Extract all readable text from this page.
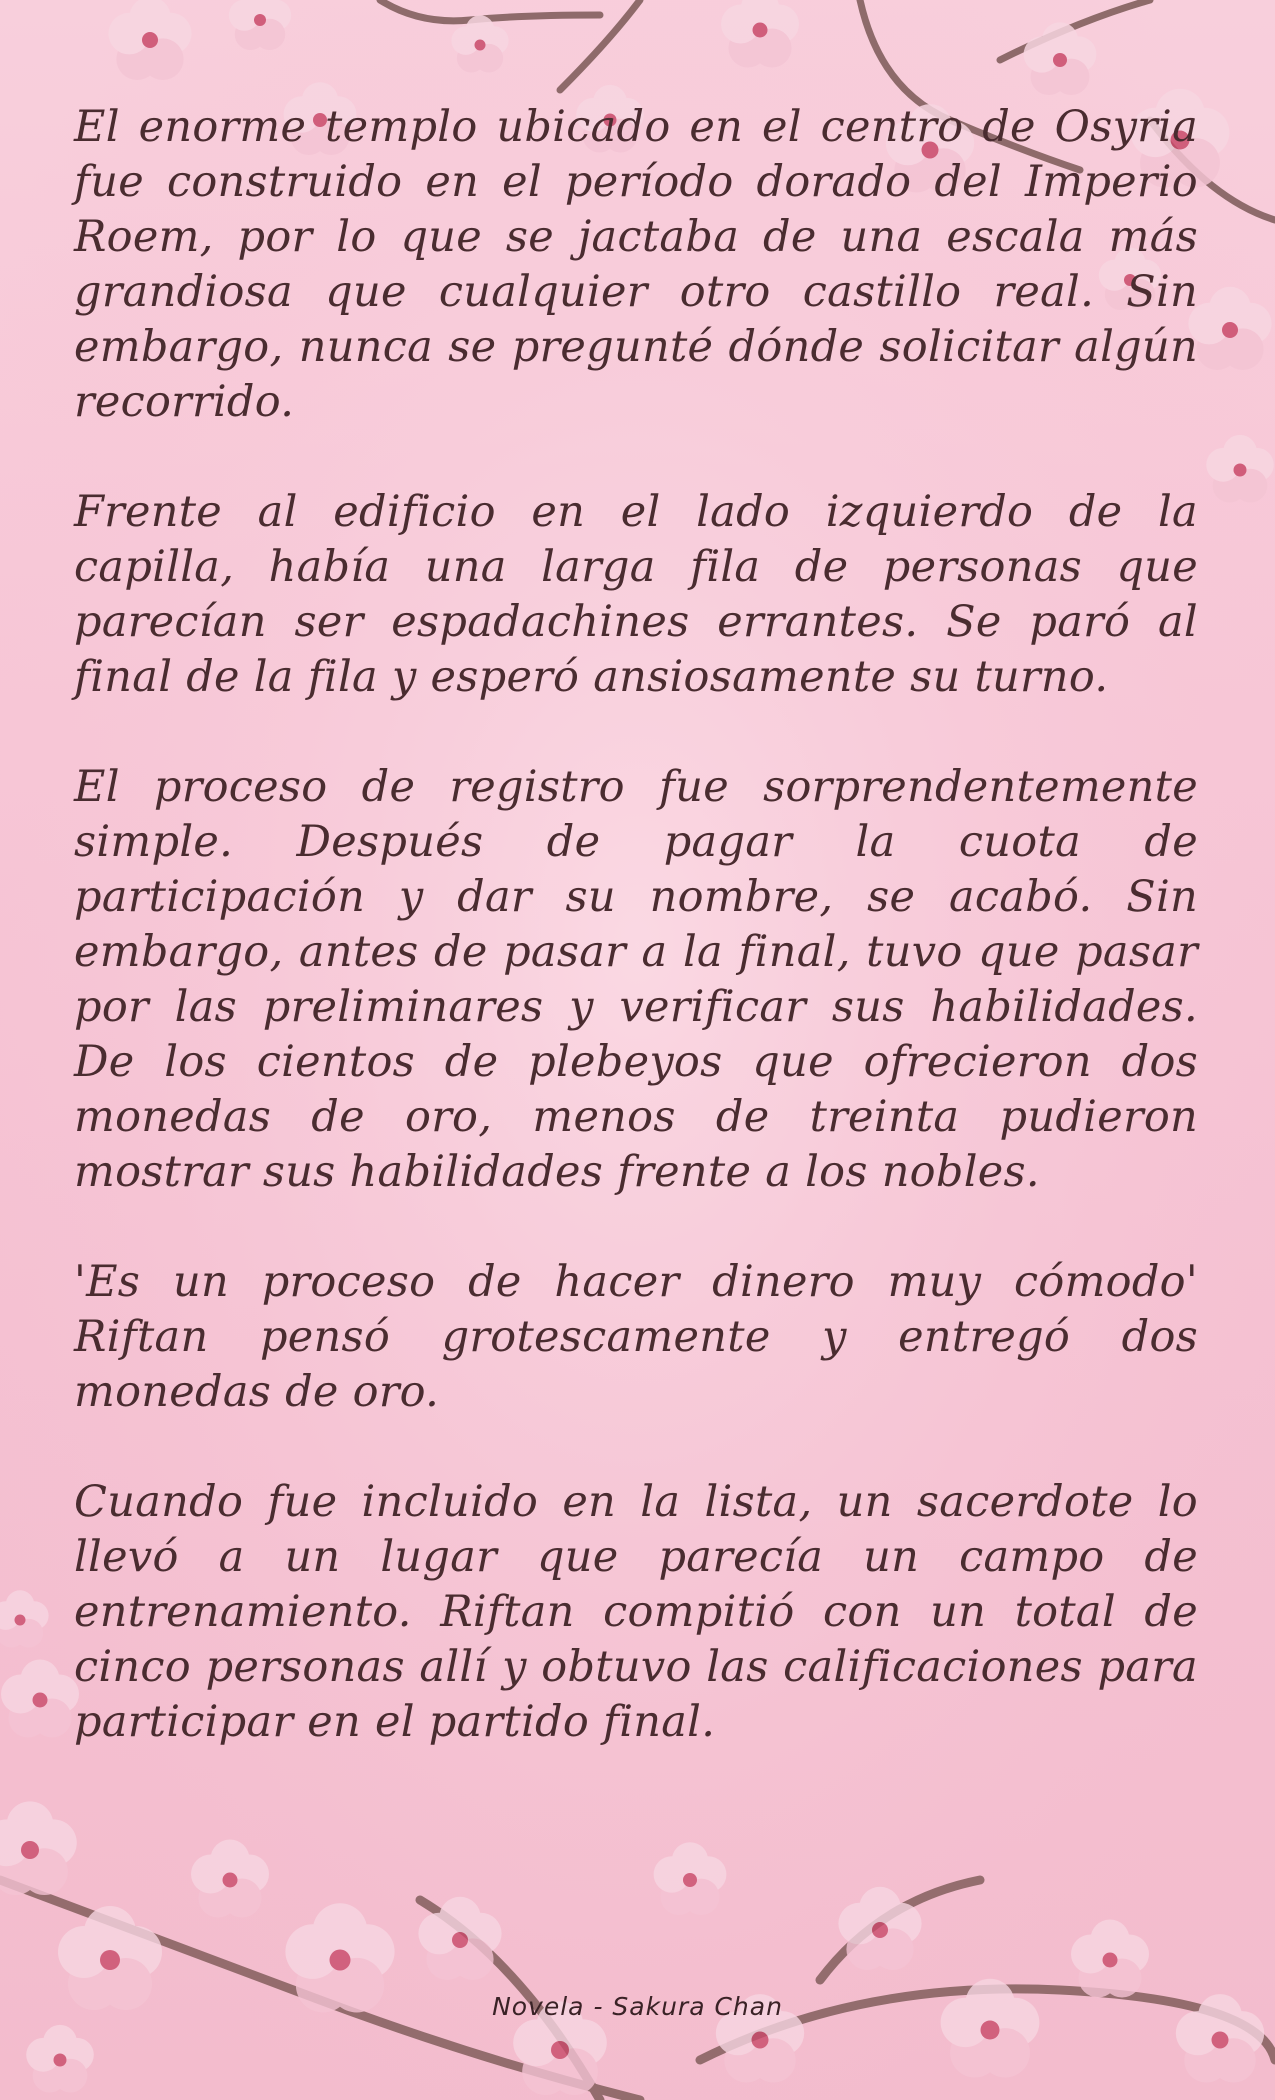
El enorme templo ubicado en el centro de Osyria fue construido en el período dorado del Imperio Roem, por lo que se jactaba de una escala más grandiosa que cualquier otro castillo real. Sin embargo, nunca se pregunté dónde solicitar algún recorrido.

Frente al edificio en el lado izquierdo de la capilla, había una larga fila de personas que parecían ser espadachines errantes. Se paró al final de la fila y esperó ansiosamente su turno.

El proceso de registro fue sorprendentemente simple. Después de pagar la cuota de participación y dar su nombre, se acabó. Sin embargo, antes de pasar a la final, tuvo que pasar por las preliminares y verificar sus habilidades. De los cientos de plebeyos que ofrecieron dos monedas de oro, menos de treinta pudieron mostrar sus habilidades frente a los nobles.

'Es un proceso de hacer dinero muy cómodo' Riftan pensó grotescamente y entregó dos monedas de oro.

Cuando fue incluido en la lista, un sacerdote lo llevó a un lugar que parecía un campo de entrenamiento. Riftan compitió con un total de cinco personas allí y obtuvo las calificaciones para participar en el partido final.

Novela - Sakura Chan
